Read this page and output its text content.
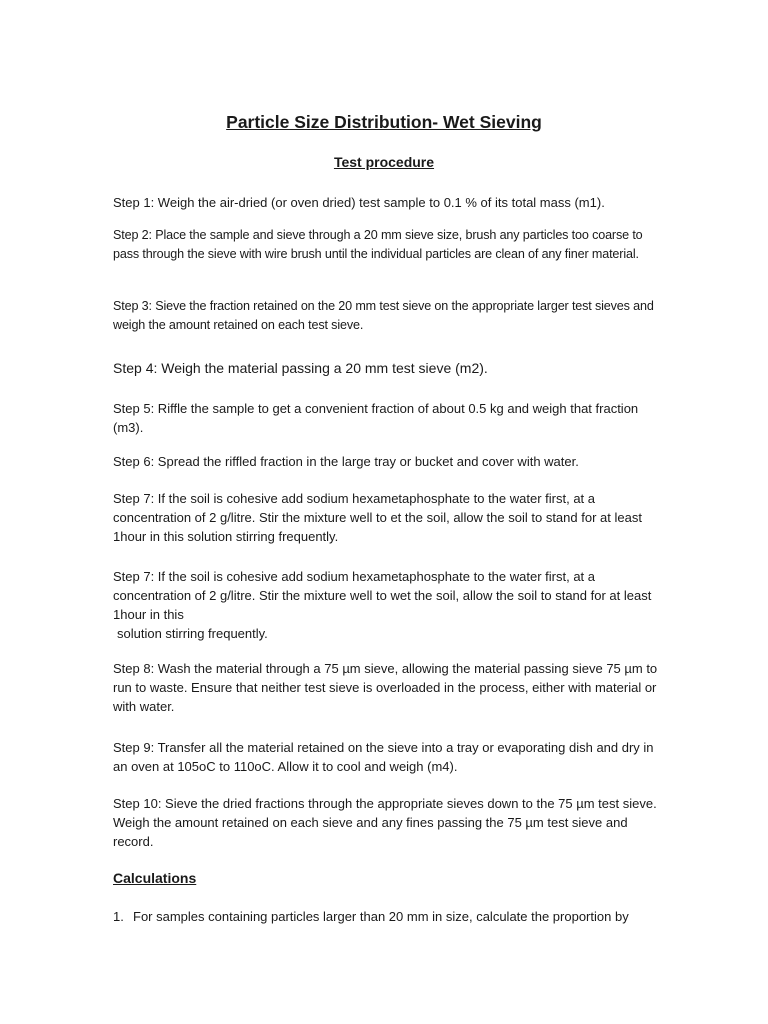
Particle Size Distribution- Wet Sieving
Test procedure

Step 1: Weigh the air-dried (or oven dried) test sample to 0.1 % of its total mass (m1).

Step 2: Place the sample and sieve through a 20 mm sieve size, brush any particles too coarse to pass through the sieve with wire brush until the individual particles are clean of any finer material.

Step 3: Sieve the fraction retained on the 20 mm test sieve on the appropriate larger test sieves and weigh the amount retained on each test sieve.

Step 4: Weigh the material passing a 20 mm test sieve (m2).

Step 5: Riffle the sample to get a convenient fraction of about 0.5 kg and weigh that fraction (m3).

Step 6: Spread the riffled fraction in the large tray or bucket and cover with water.

Step 7: If the soil is cohesive add sodium hexametaphosphate to the water first, at a concentration of 2 g/litre. Stir the mixture well to et the soil, allow the soil to stand for at least 1hour in this solution stirring frequently.

Step 7: If the soil is cohesive add sodium hexametaphosphate to the water first, at a concentration of 2 g/litre. Stir the mixture well to wet the soil, allow the soil to stand for at least 1hour in this

solution stirring frequently.

Step 8: Wash the material through a 75 µm sieve, allowing the material passing sieve 75 µm to run to waste. Ensure that neither test sieve is overloaded in the process, either with material or with water.

Step 9: Transfer all the material retained on the sieve into a tray or evaporating dish and dry in an oven at 105oC to 110oC. Allow it to cool and weigh (m4).

Step 10: Sieve the dried fractions through the appropriate sieves down to the 75 µm test sieve. Weigh the amount retained on each sieve and any fines passing the 75 µm test sieve and record.

Calculations
1. For samples containing particles larger than 20 mm in size, calculate the proportion by
